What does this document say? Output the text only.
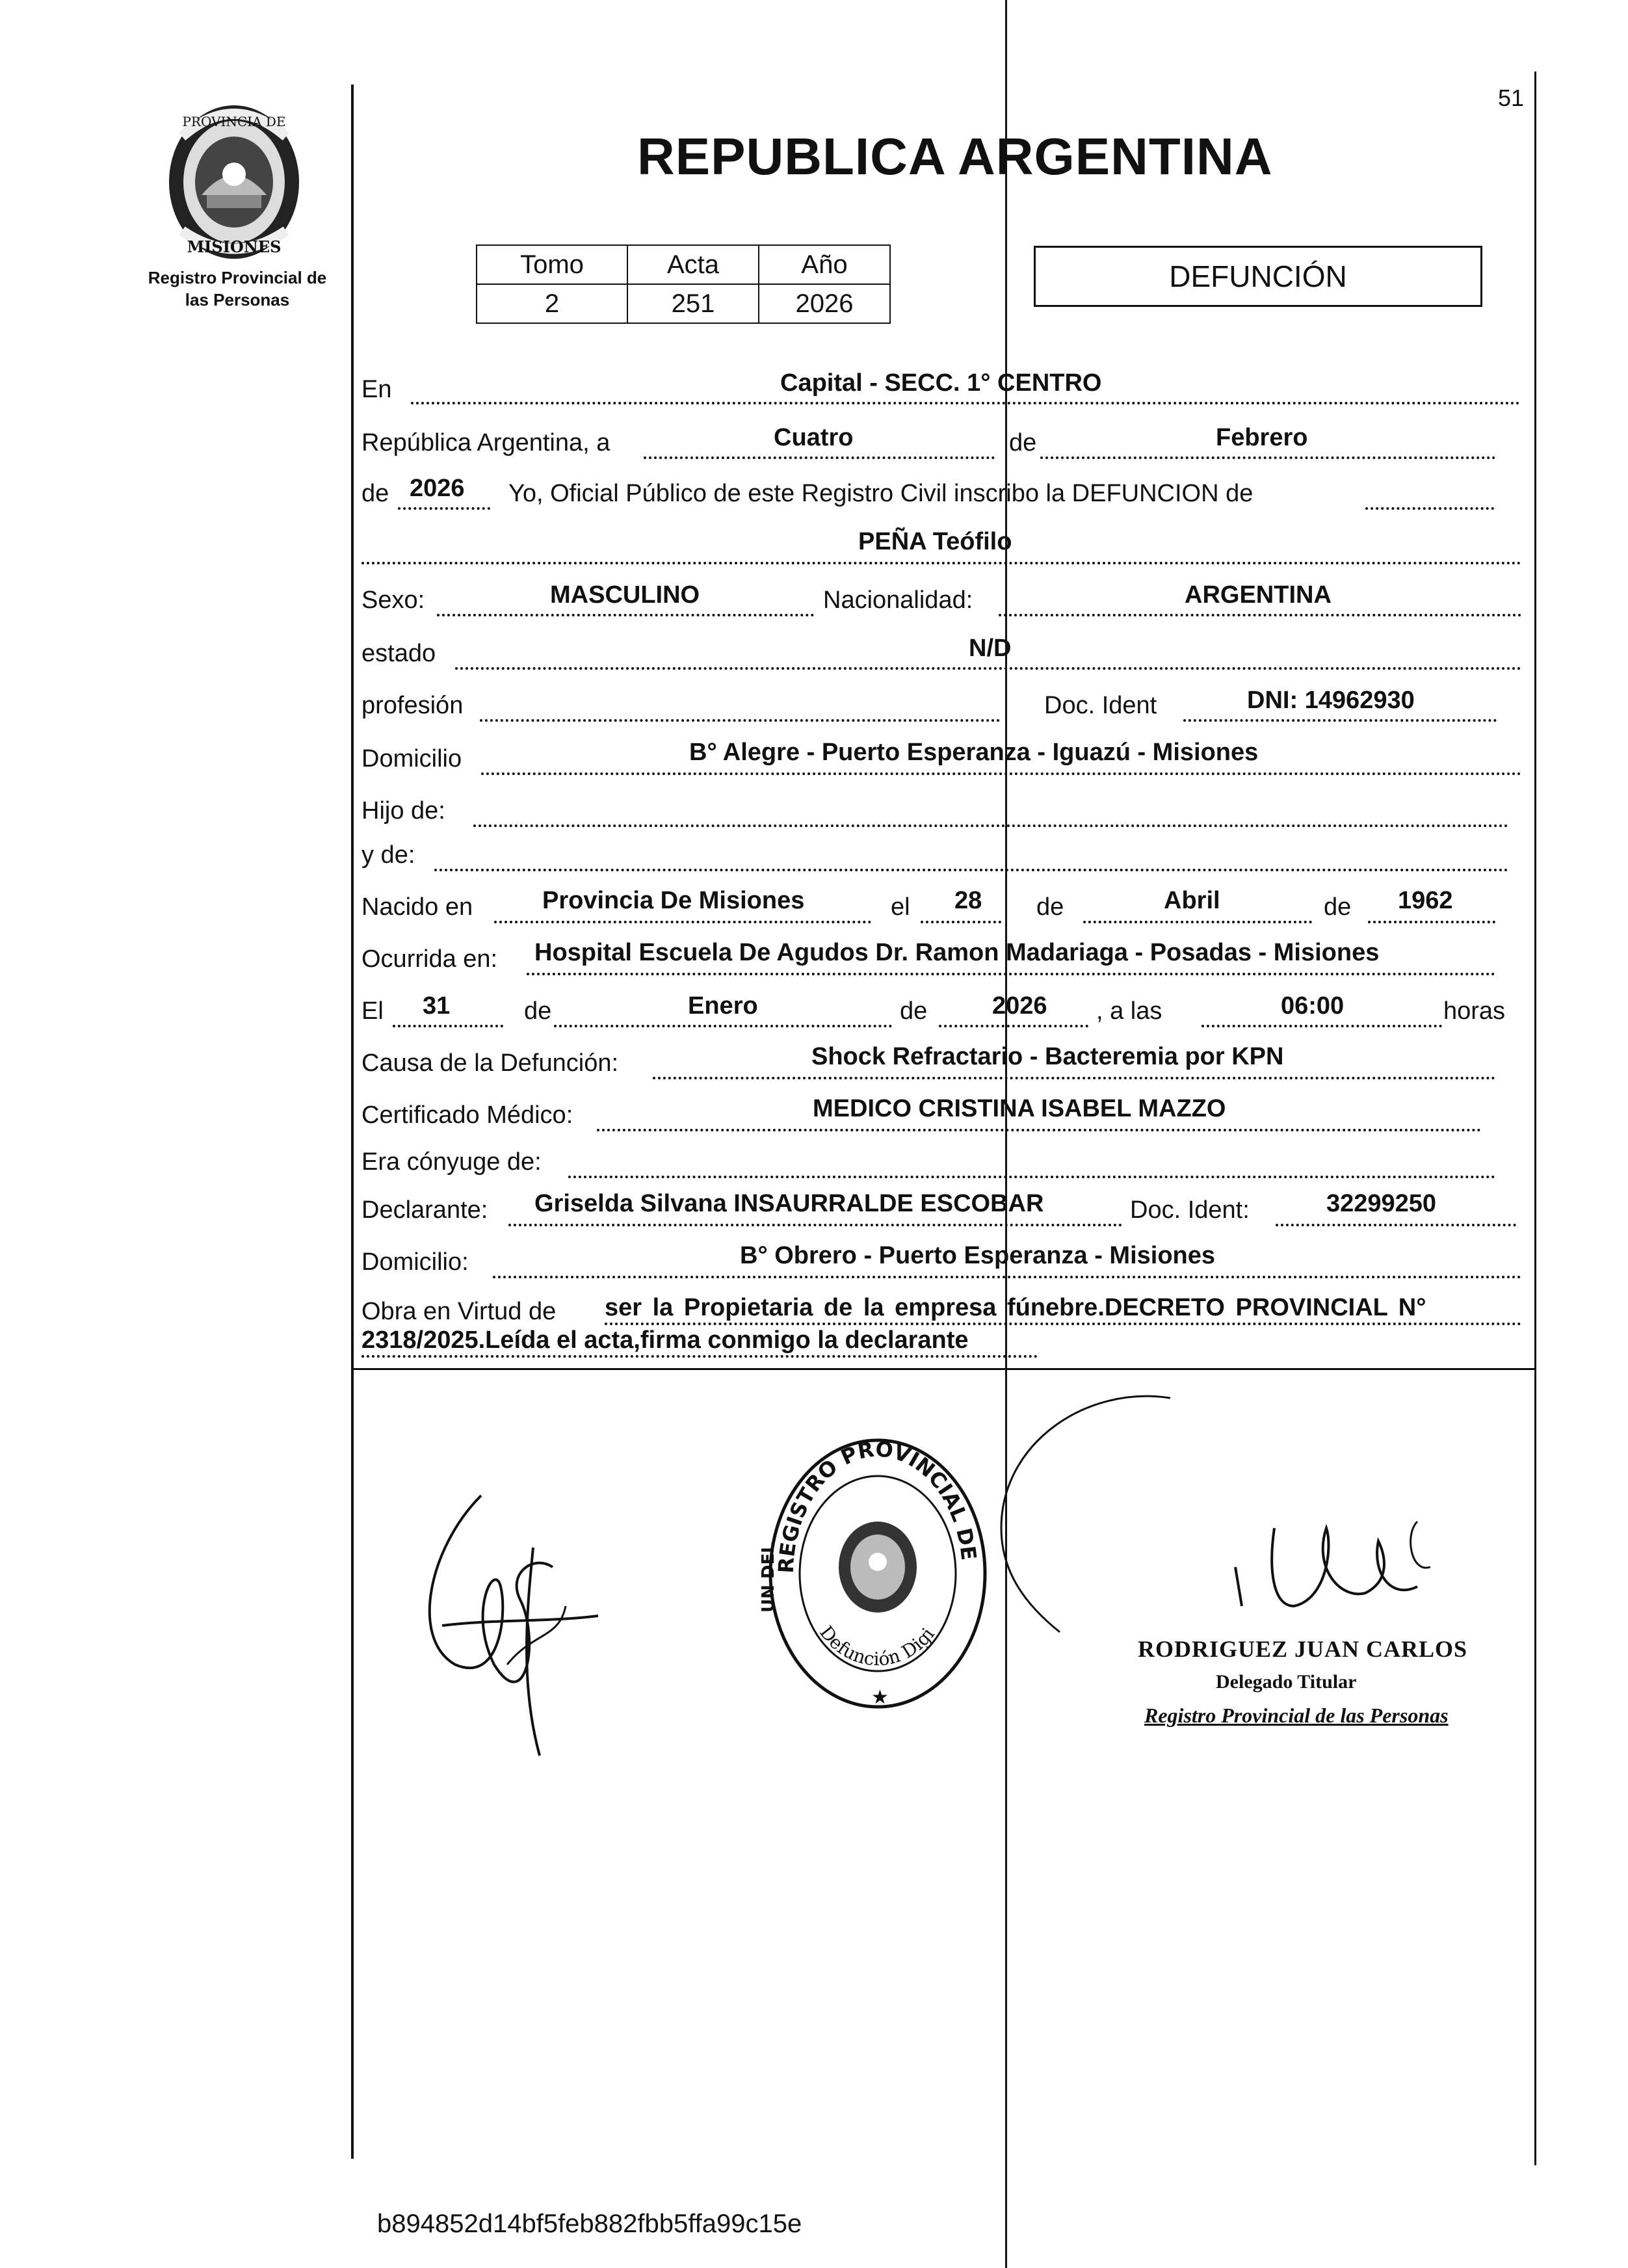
PROVINCIA DE
MISIONES
Registro Provincial de
las Personas
51
REPUBLICA ARGENTINA
Tomo	Acta	Año
2	251	2026
DEFUNCIÓN
En	Capital - SECC. 1° CENTRO
República Argentina, a	Cuatro	de	Febrero
de 2026 Yo, Oficial Público de este Registro Civil inscribo la DEFUNCION de
PEÑA Teófilo
Sexo:	MASCULINO	Nacionalidad:	ARGENTINA
estado	N/D
profesión	Doc. Ident	DNI: 14962930
Domicilio	B° Alegre - Puerto Esperanza - Iguazú - Misiones
Hijo de:
y de:
Nacido en	Provincia De Misiones	el 28 de	Abril	de 1962
Ocurrida en: Hospital Escuela De Agudos Dr. Ramon Madariaga - Posadas - Misiones
El 31	de	Enero	de	2026 , a las	06:00	horas
Causa de la Defunción:	Shock Refractario - Bacteremia por KPN
Certificado Médico:	MEDICO CRISTINA ISABEL MAZZO
Era cónyuge de:
Declarante: Griselda Silvana INSAURRALDE ESCOBAR	Doc. Ident:	32299250
Domicilio:	B° Obrero - Puerto Esperanza - Misiones
Obra en Virtud de ser la Propietaria de la empresa fúnebre.DECRETO PROVINCIAL N°
2318/2025.Leída el acta,firma conmigo la declarante
REGISTRO PROVINCIAL DE
UN DEL
Defunción Digi
★
RODRIGUEZ JUAN CARLOS
Delegado Titular
Registro Provincial de las Personas
b894852d14bf5feb882fbb5ffa99c15e
